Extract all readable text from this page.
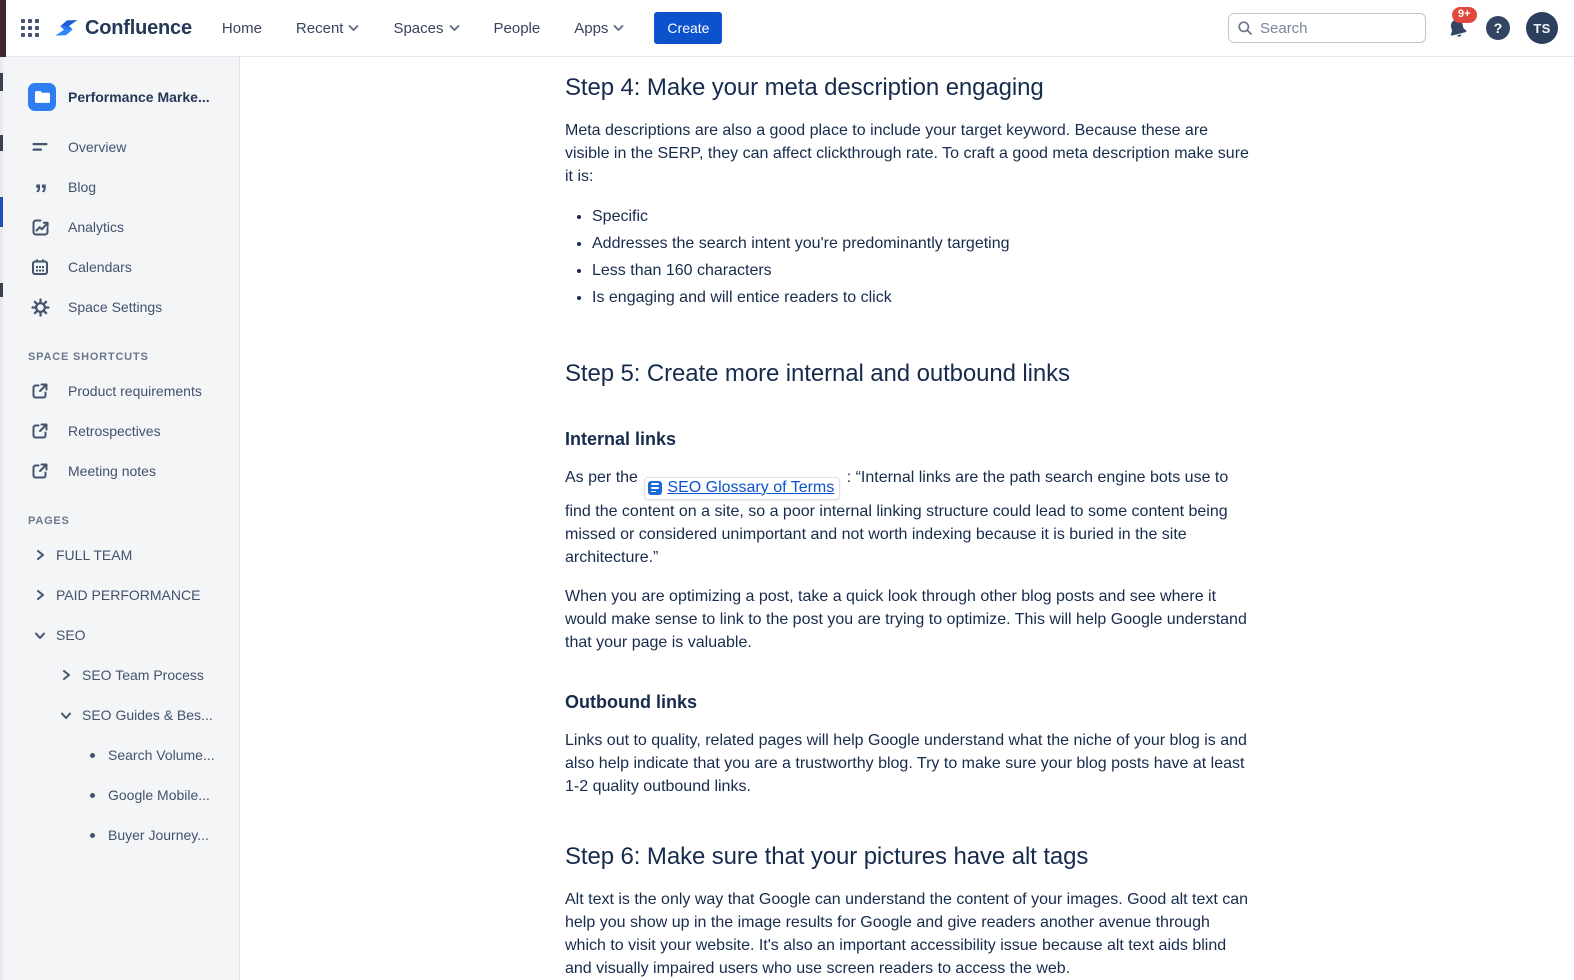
Confluence Home Recent	Spaces	People Apps	Create
Search
9+
? TS
Performance Marke...
Overview
” Blog
Analytics
Calendars
Space Settings
SPACE SHORTCUTS
Product requirements
Retrospectives
Meeting notes
PAGES
FULL TEAM
PAID PERFORMANCE
SEO
SEO Team Process
SEO Guides & Bes...
Search Volume...
Google Mobile...
Buyer Journey...
Step 4: Make your meta description engaging

Meta descriptions are also a good place to include your target keyword. Because these are visible in the SERP, they can affect clickthrough rate. To craft a good meta description make sure it is:

• Specific
• Addresses the search intent you're predominantly targeting
• Less than 160 characters
• Is engaging and will entice readers to click
Step 5: Create more internal and outbound links
Internal links

As per the
SEO Glossary of Terms
: “Internal links are the path search engine bots use to find the content on a site, so a poor internal linking structure could lead to some content being missed or considered unimportant and not worth indexing because it is buried in the site architecture.”

When you are optimizing a post, take a quick look through other blog posts and see where it would make sense to link to the post you are trying to optimize. This will help Google understand that your page is valuable.

Outbound links

Links out to quality, related pages will help Google understand what the niche of your blog is and also help indicate that you are a trustworthy blog. Try to make sure your blog posts have at least 1-2 quality outbound links.

Step 6: Make sure that your pictures have alt tags

Alt text is the only way that Google can understand the content of your images. Good alt text can help you show up in the image results for Google and give readers another avenue through which to visit your website. It's also an important accessibility issue because alt text aids blind and visually impaired users who use screen readers to access the web.
